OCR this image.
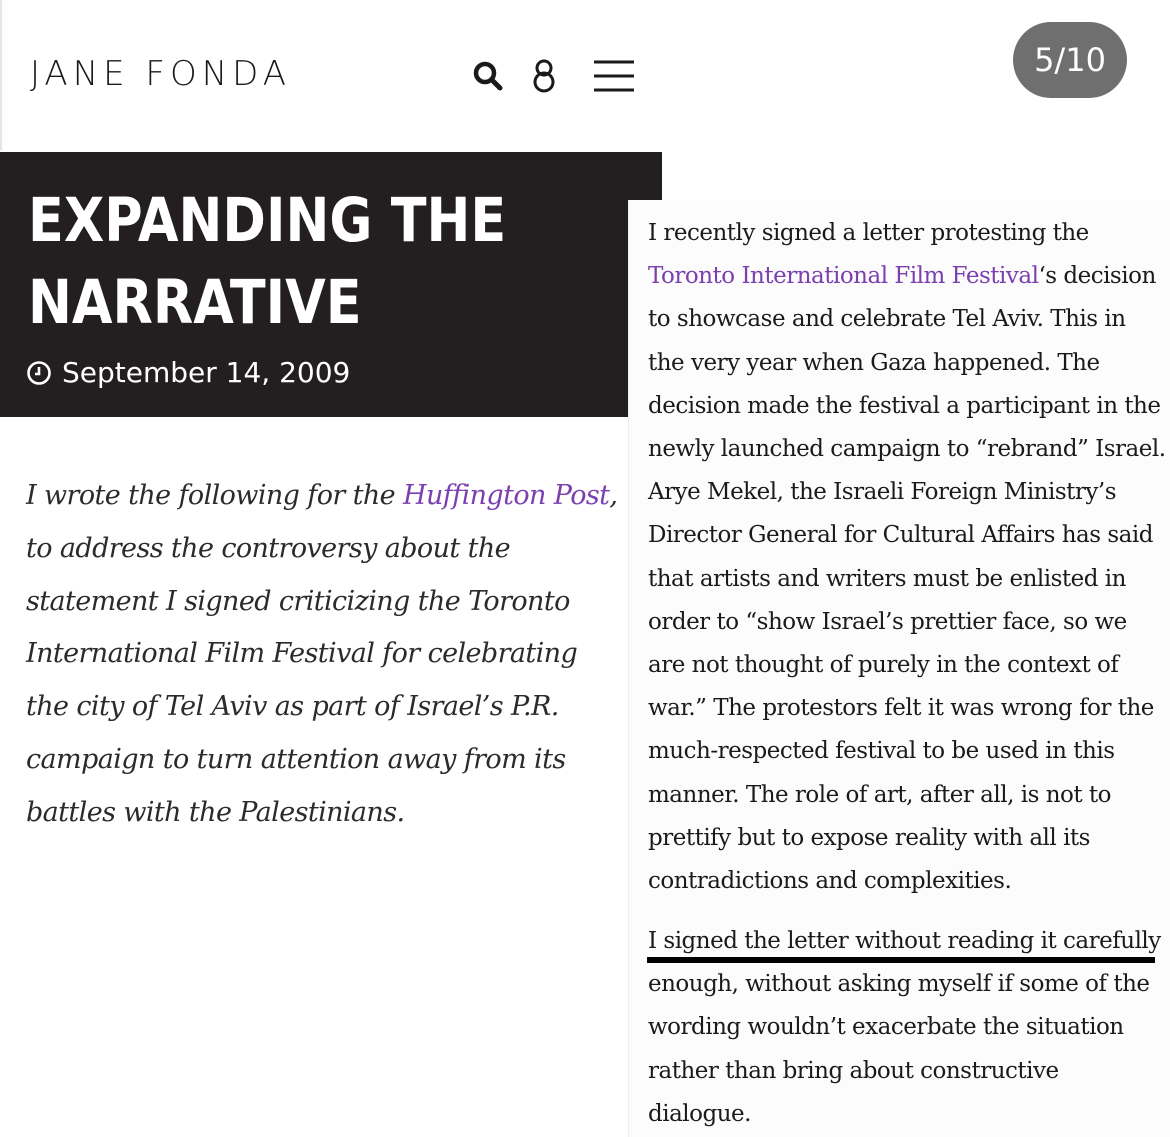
JANE FONDA
EXPANDING THE
NARRATIVE
September 14, 2009

I wrote the following for the Huffington Post, to address the controversy about the statement I signed criticizing the Toronto International Film Festival for celebrating the city of Tel Aviv as part of Israel’s P.R. campaign to turn attention away from its battles with the Palestinians.

5/10

I recently signed a letter protesting the Toronto International Film Festival‘s decision to showcase and celebrate Tel Aviv. This in the very year when Gaza happened. The decision made the festival a participant in the newly launched campaign to “rebrand” Israel. Arye Mekel, the Israeli Foreign Ministry’s Director General for Cultural Affairs has said that artists and writers must be enlisted in order to “show Israel’s prettier face, so we are not thought of purely in the context of war.” The protestors felt it was wrong for the much-respected festival to be used in this manner. The role of art, after all, is not to prettify but to expose reality with all its contradictions and complexities.

I signed the letter without reading it carefully enough, without asking myself if some of the wording wouldn’t exacerbate the situation rather than bring about constructive dialogue.
